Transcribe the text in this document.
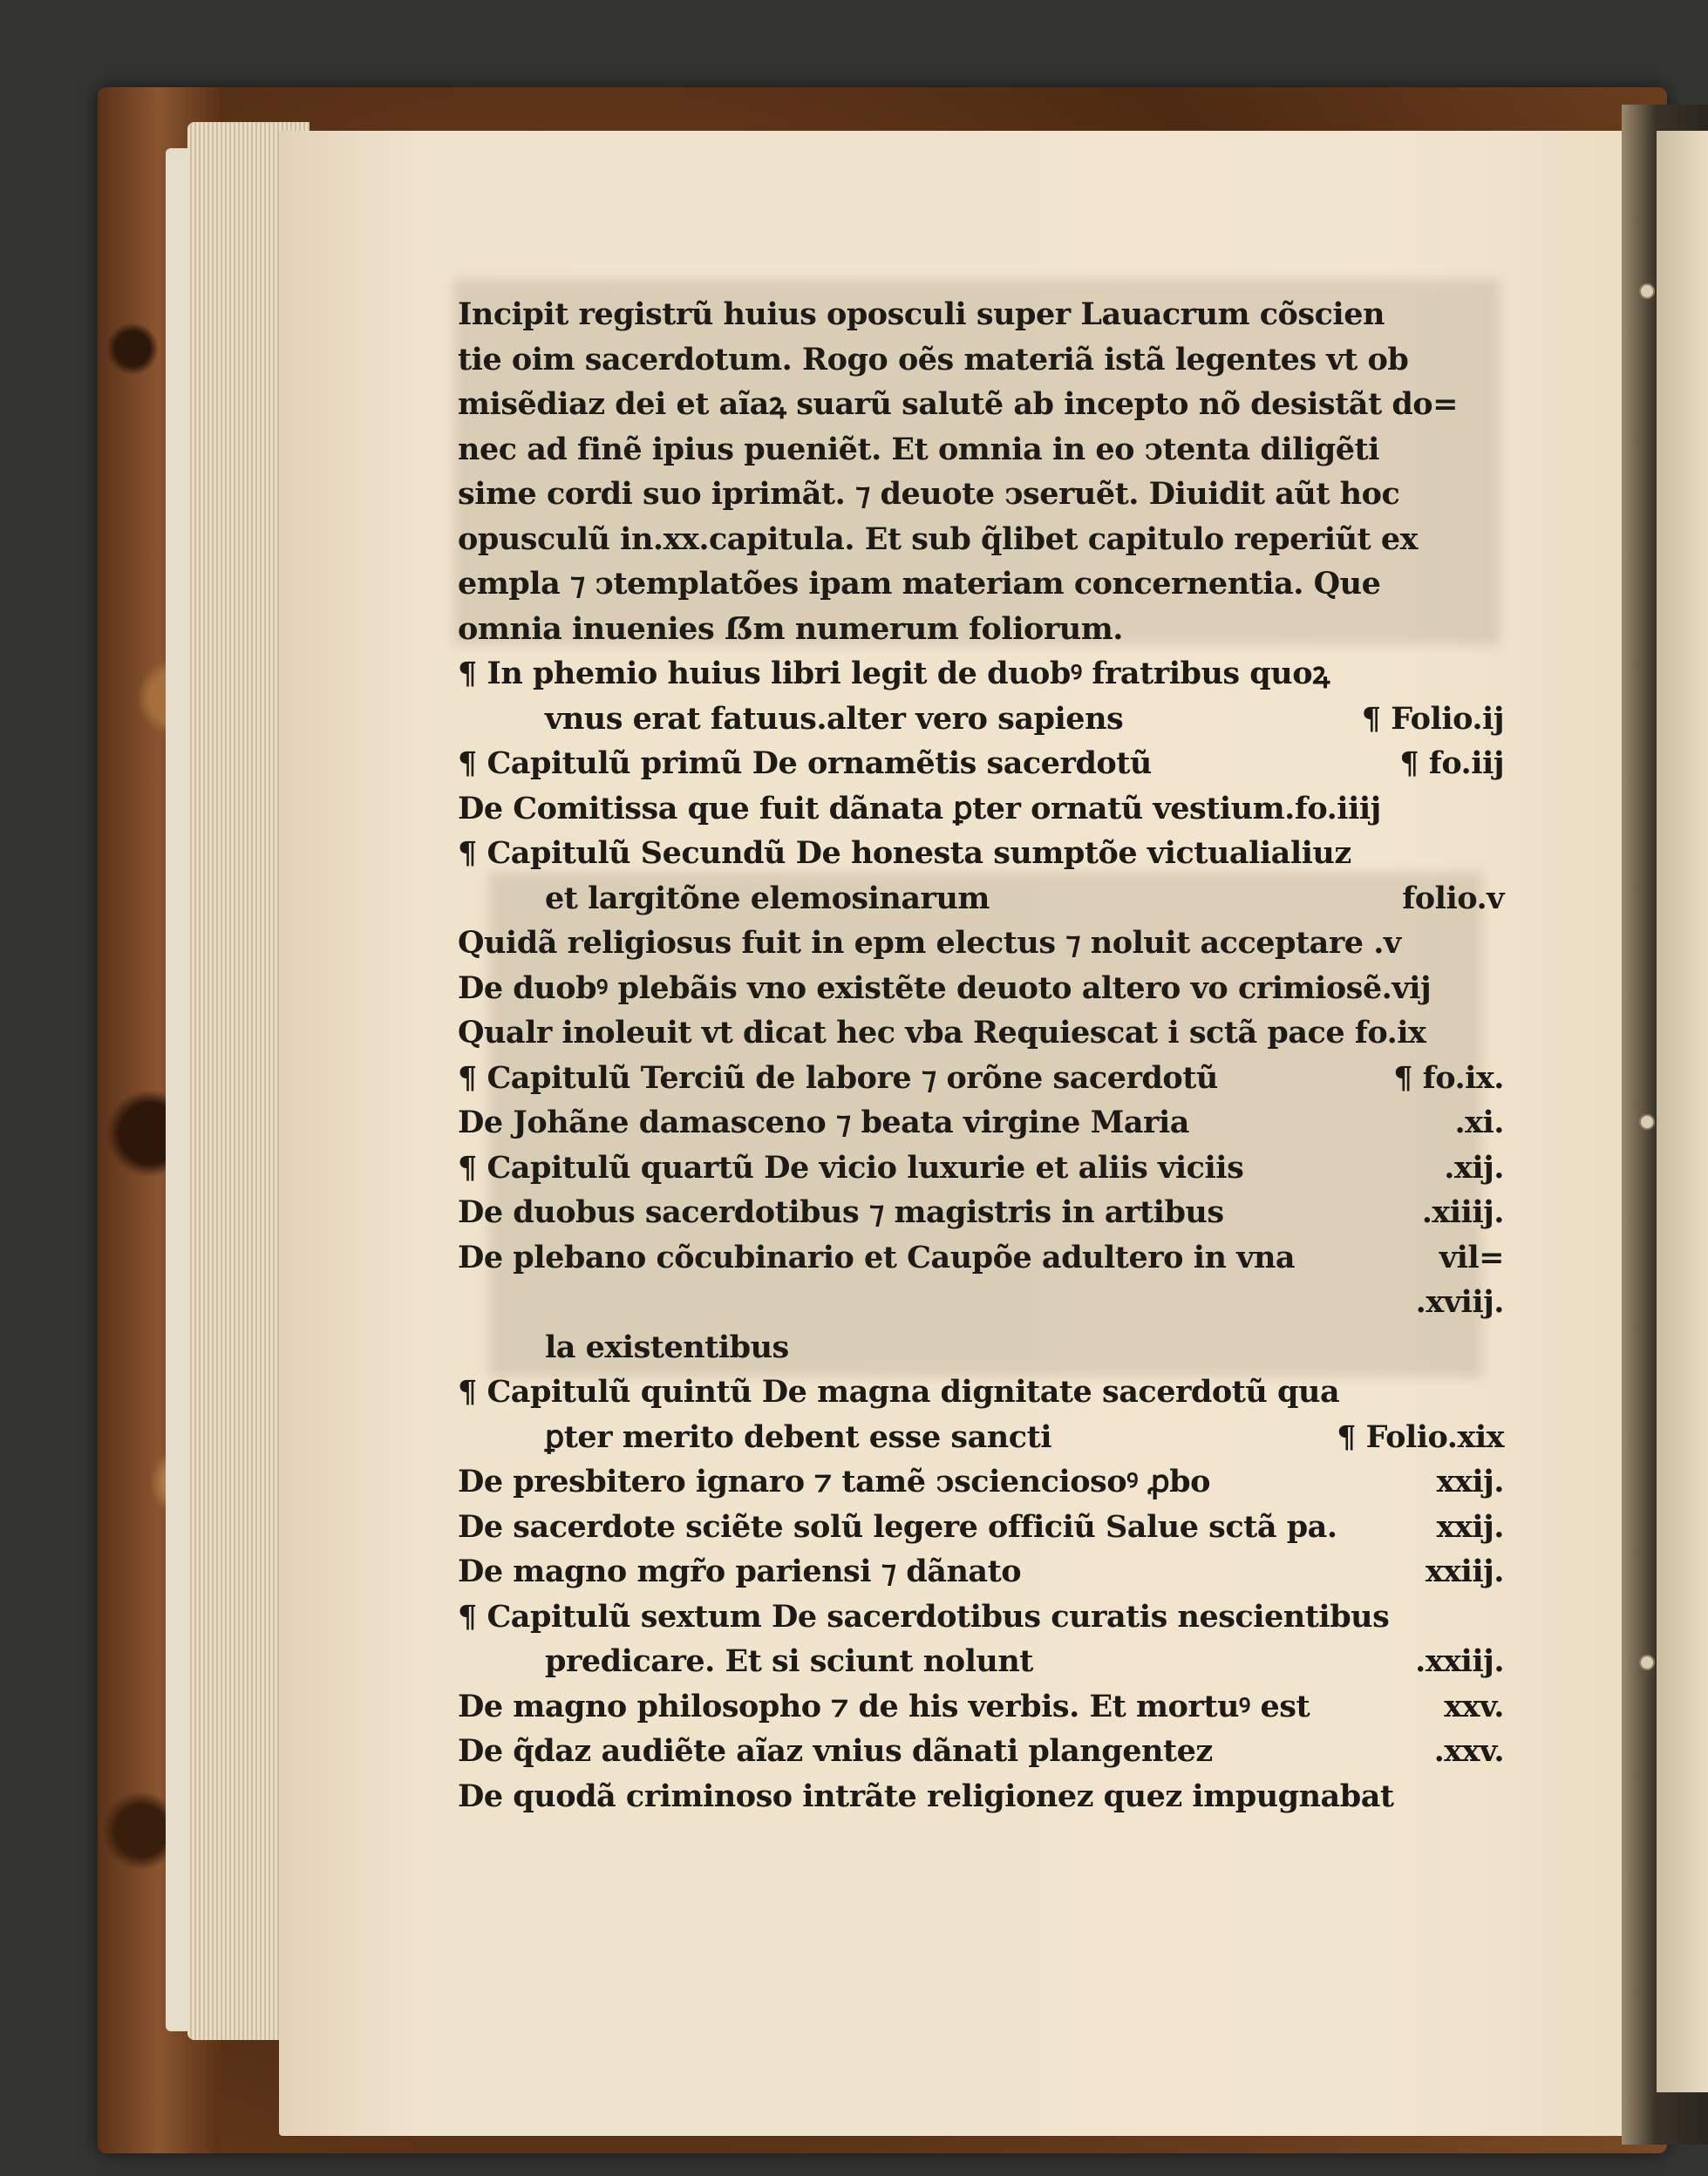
Incipit registrũ huius oposculi super Lauacrum cõscien
tie oim sacerdotum. Rogo oẽs materiã istã legentes vt ob
misẽdiaz dei et aĩaꝝ suarũ salutẽ ab incepto nõ desistãt do=
nec ad finẽ ipius pueniẽt. Et omnia in eo ↄtenta diligẽti
sime cordi suo iprimãt. ⁊ deuote ↄseruẽt. Diuidit aũt hoc
opusculũ in.xx.capitula. Et sub q̃libet capitulo reperiũt ex
empla ⁊ ↄtemplatões ipam materiam concernentia. Que
omnia inuenies ẞm numerum foliorum.
¶ In phemio huius libri legit de duobꝰ fratribus quoꝝ
vnus erat fatuus.alter vero sapiens	¶ Folio.ij
¶ Capitulũ primũ De ornamẽtis sacerdotũ	¶ fo.iij
De Comitissa que fuit dãnata ꝑter ornatũ vestium.fo.iiij
¶ Capitulũ Secundũ De honesta sumptõe victualialiuz
et largitõne elemosinarum	folio.v
Quidã religiosus fuit in epm electus ⁊ noluit acceptare .v
De duobꝰ plebãis vno existẽte deuoto altero vo crimiosẽ.vij
Qualr inoleuit vt dicat hec vba Requiescat i sctã pace fo.ix
¶ Capitulũ Terciũ de labore ⁊ orõne sacerdotũ	¶ fo.ix.
De Johãne damasceno ⁊ beata virgine Maria	.xi.
¶ Capitulũ quartũ De vicio luxurie et aliis viciis	.xij.
De duobus sacerdotibus ⁊ magistris in artibus	.xiiij.
De plebano cõcubinario et Caupõe adultero in vna	vil=
.xviij.
la existentibus
¶ Capitulũ quintũ De magna dignitate sacerdotũ qua
ꝑter merito debent esse sancti	¶ Folio.xix
De presbitero ignaro ⁊ tamẽ ↄscienciosoꝰ ꝓbo	xxij.
De sacerdote sciẽte solũ legere officiũ Salue sctã pa.	xxij.
De magno mgr̃o pariensi ⁊ dãnato	xxiij.
¶ Capitulũ sextum De sacerdotibus curatis nescientibus
predicare. Et si sciunt nolunt	.xxiij.
De magno philosopho ⁊ de his verbis. Et mortuꝰ est	xxv.
De q̃daz audiẽte aĩaz vnius dãnati plangentez	.xxv.
De quodã criminoso intrãte religionez quez impugnabat
